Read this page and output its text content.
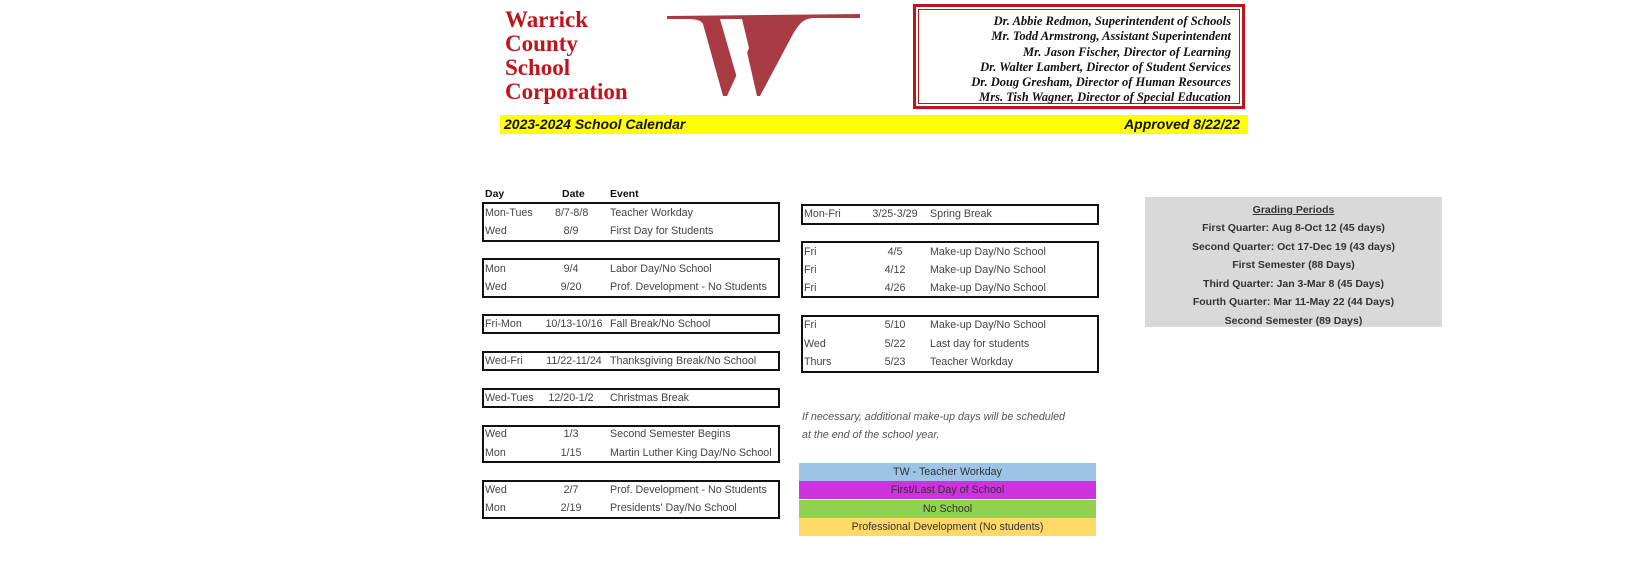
Warrick
County
School
Corporation
Dr. Abbie Redmon, Superintendent of Schools
Mr. Todd Armstrong, Assistant Superintendent
Mr. Jason Fischer, Director of Learning
Dr. Walter Lambert, Director of Student Services
Dr. Doug Gresham, Director of Human Resources
Mrs. Tish Wagner, Director of Special Education
2023-2024 School Calendar	Approved 8/22/22
Day	Date Event
Mon-Tues 8/7-8/8 Teacher Workday
Wed	8/9	First Day for Students
Mon	9/4	Labor Day/No School
Wed	9/20	Prof. Development - No Students
Fri-Mon 10/13-10/16 Fall Break/No School
Wed-Fri	11/22-11/24 Thanksgiving Break/No School
Wed-Tues	12/20-1/2	Christmas Break
Wed	1/3	Second Semester Begins
Mon	1/15	Martin Luther King Day/No School
Wed	2/7	Prof. Development - No Students
Mon	2/19	Presidents' Day/No School
Mon-Fri	3/25-3/29	Spring Break
Fri	4/5	Make-up Day/No School
Fri	4/12	Make-up Day/No School
Fri	4/26	Make-up Day/No School
Fri	5/10	Make-up Day/No School
Wed	5/22	Last day for students
Thurs	5/23	Teacher Workday
If necessary, additional make-up days will be scheduled
at the end of the school year.
TW - Teacher Workday
First/Last Day of School
No School
Professional Development (No students)
Grading Periods
First Quarter: Aug 8-Oct 12 (45 days)
Second Quarter: Oct 17-Dec 19 (43 days)
First Semester (88 Days)
Third Quarter: Jan 3-Mar 8 (45 Days)
Fourth Quarter: Mar 11-May 22 (44 Days)
Second Semester (89 Days)
